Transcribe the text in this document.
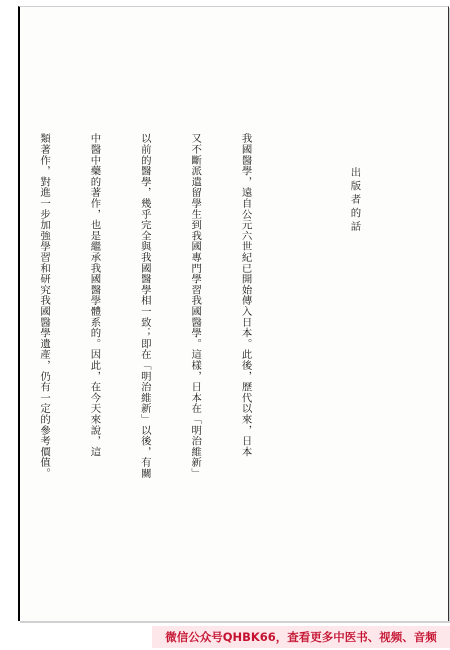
出版者的話

我國醫學，遠自公元六世紀已開始傳入日本。此後，歷代以來，日本

又不斷派遣留學生到我國專門學習我國醫學。這樣，日本在「明治維新」

以前的醫學，幾乎完全與我國醫學相一致；即在「明治維新」以後，有關

中醫中藥的著作，也是繼承我國醫學體系的。因此，在今天來說，這

類著作，對進一步加強學習和研究我國醫學遺產，仍有一定的參考價值。

微信公众号QHBK66，查看更多中医书、视频、音频
